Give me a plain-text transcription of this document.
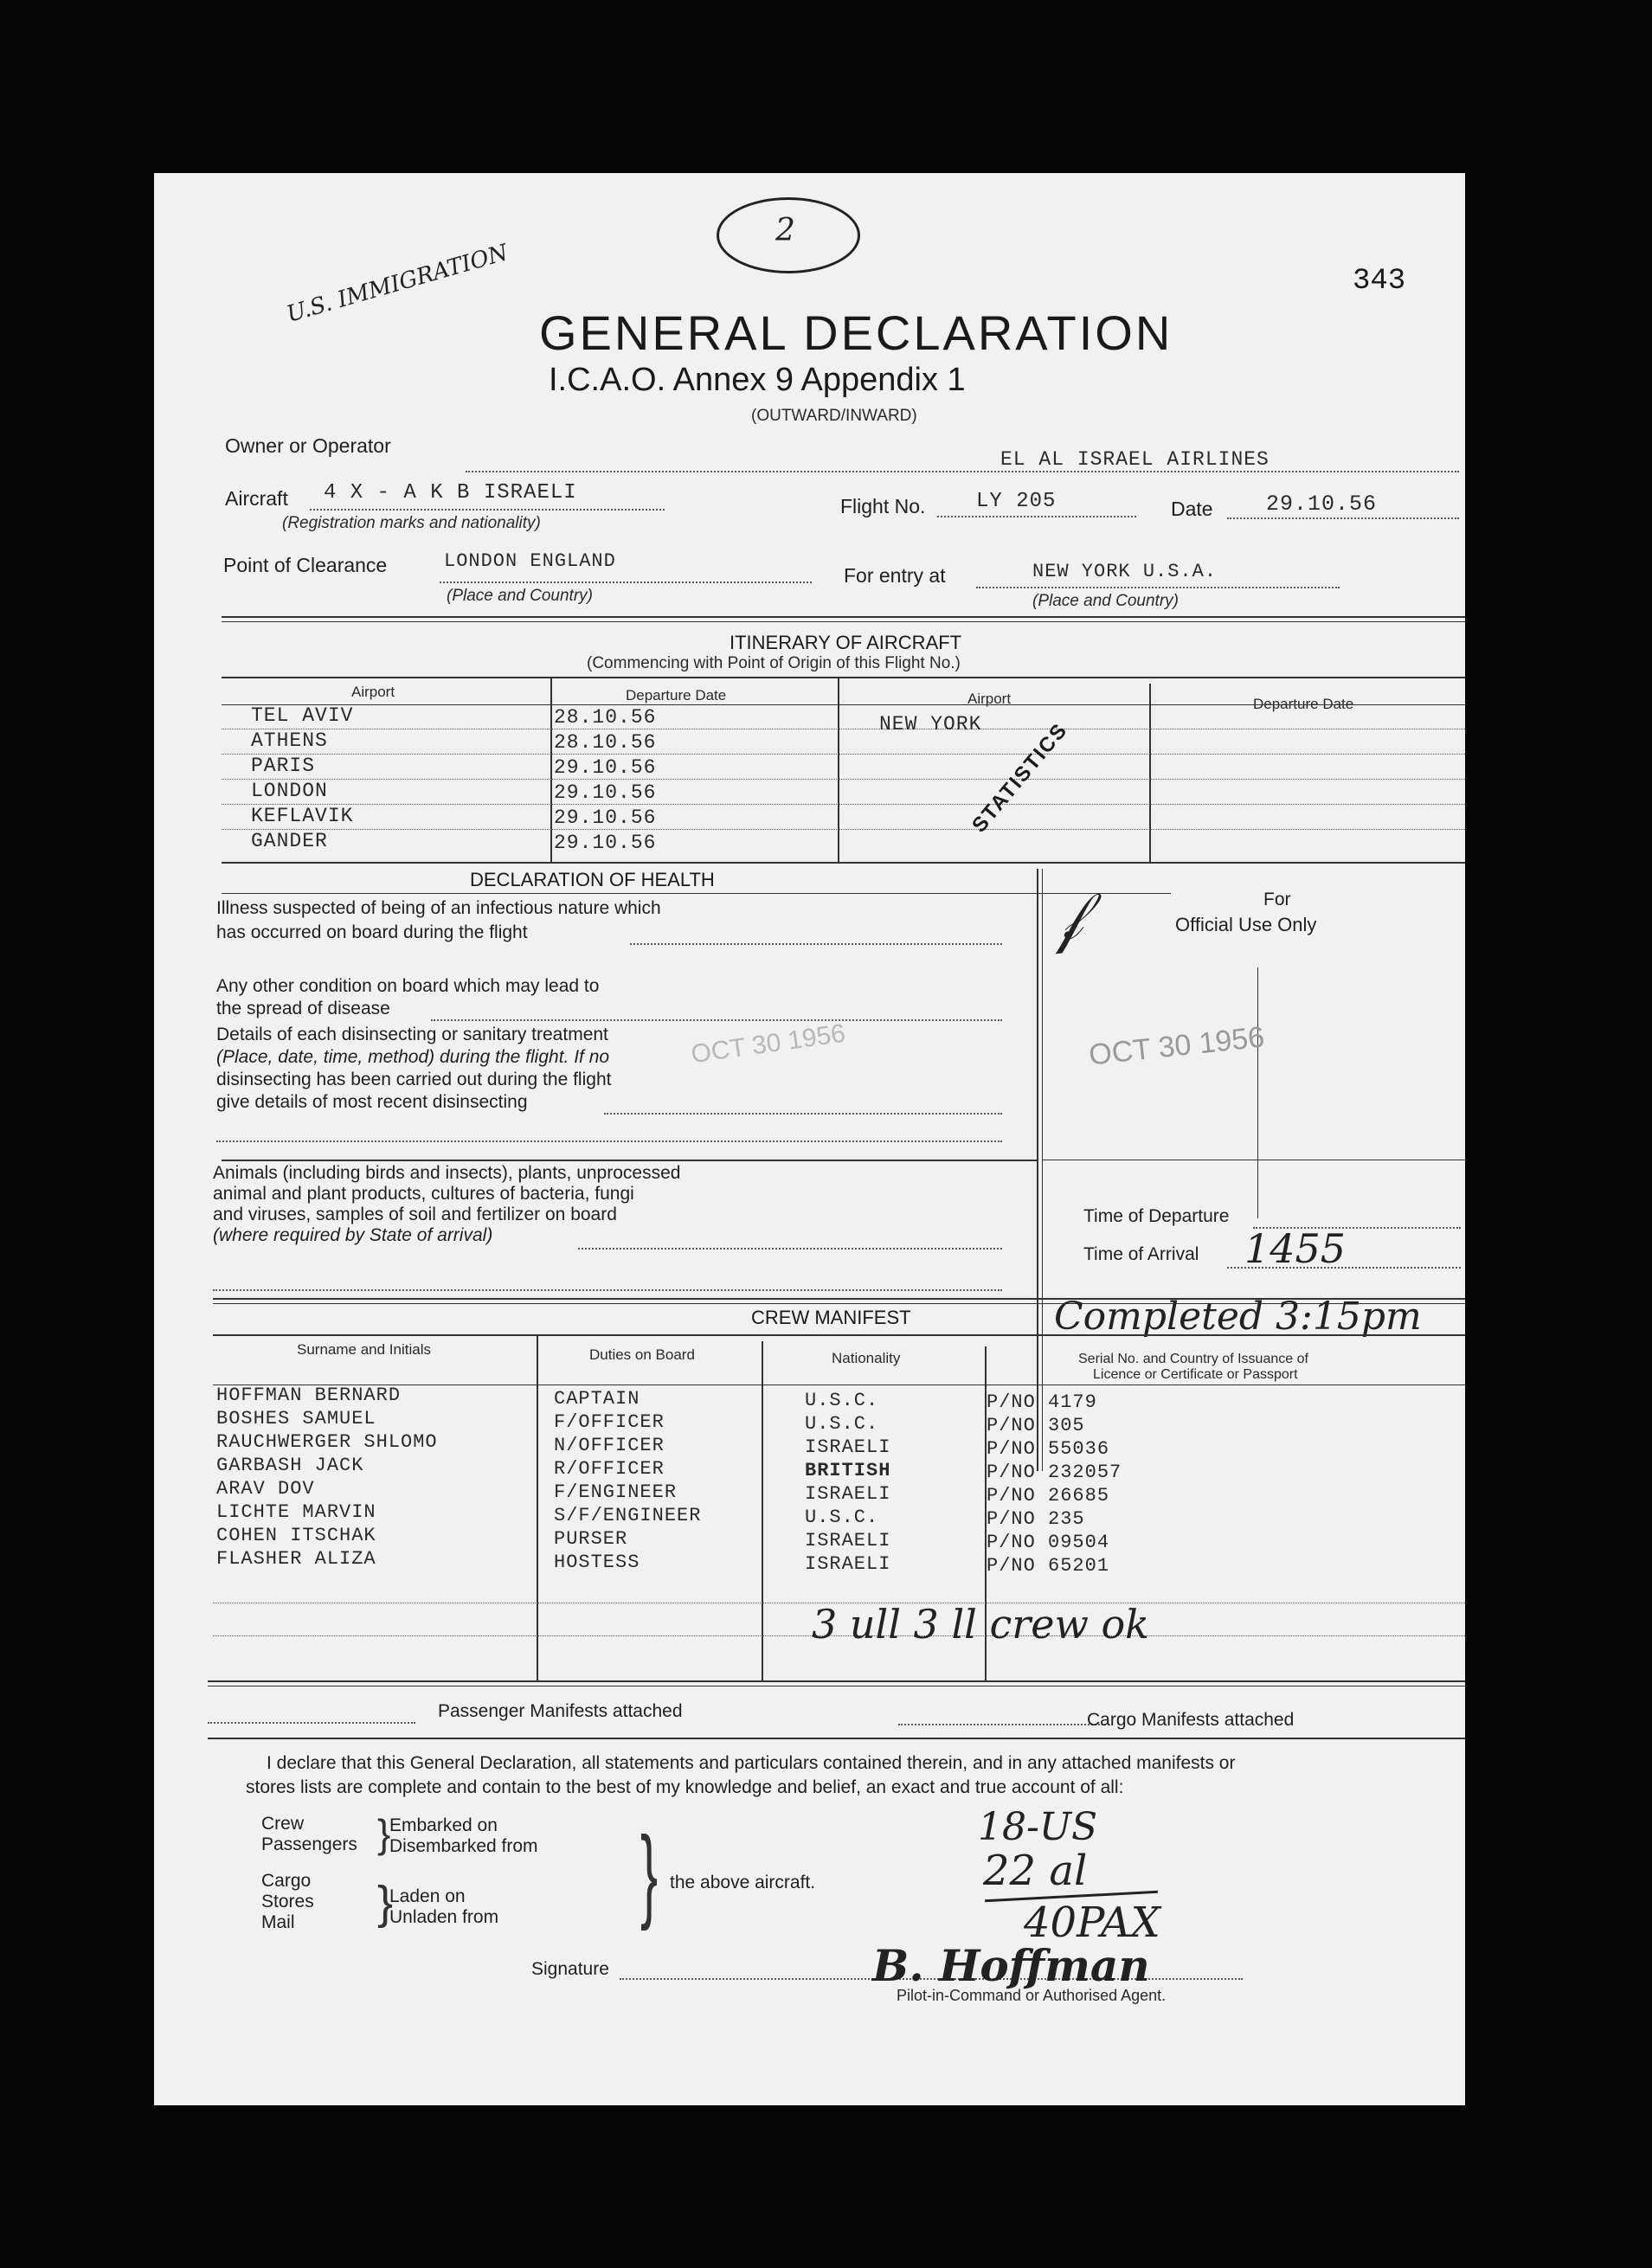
343
U.S. IMMIGRATION
2
GENERAL DECLARATION
I.C.A.O. Annex 9 Appendix 1
(OUTWARD/INWARD)
Owner or Operator
EL AL ISRAEL AIRLINES
Aircraft 4 X - A K B ISRAELI
(Registration marks and nationality)
Flight No. LY 205	Date 29.10.56
Point of Clearance	LONDON ENGLAND
(Place and Country)
For entry at	NEW YORK U.S.A.
(Place and Country)
ITINERARY OF AIRCRAFT
(Commencing with Point of Origin of this Flight No.)
Airport	Departure Date	Airport	Departure Date
TEL AVIV	28.10.56
ATHENS	28.10.56
PARIS	29.10.56
LONDON	29.10.56
KEFLAVIK	29.10.56
GANDER	29.10.56
NEW YORK
STATISTICS
DECLARATION OF HEALTH
Illness suspected of being of an infectious nature which
has occurred on board during the flight
Any other condition on board which may lead to
the spread of disease
Details of each disinsecting or sanitary treatment
(Place, date, time, method) during the flight. If no
disinsecting has been carried out during the flight
give details of most recent disinsecting
OCT 30 1956
Animals (including birds and insects), plants, unprocessed
animal and plant products, cultures of bacteria, fungi
and viruses, samples of soil and fertilizer on board
(where required by State of arrival)
𝒻	For
Official Use Only
OCT 30 1956
Time of Departure
Time of Arrival 1455
CREW MANIFEST	Completed 3:15pm
Surname and Initials	Duties on Board	Nationality	Serial No. and Country of Issuance of
Licence or Certificate or Passport
HOFFMAN BERNARD	CAPTAIN	U.S.C.	P/NO 4179
BOSHES SAMUEL	F/OFFICER	U.S.C.	P/NO 305
RAUCHWERGER SHLOMO	N/OFFICER	ISRAELI	P/NO 55036
GARBASH JACK	R/OFFICER	BRITISH	P/NO 232057
ARAV DOV	F/ENGINEER	ISRAELI	P/NO 26685
LICHTE MARVIN	S/F/ENGINEER	U.S.C.	P/NO 235
COHEN ITSCHAK	PURSER	ISRAELI	P/NO 09504
FLASHER ALIZA	HOSTESS	ISRAELI	P/NO 65201
3 ull 3 ll crew ok
Passenger Manifests attached	Cargo Manifests attached
I declare that this General Declaration, all statements and particulars contained therein, and in any attached manifests or
stores lists are complete and contain to the best of my knowledge and belief, an exact and true account of all:
Crew
Passengers
Embarked on
Disembarked from
}
Cargo
Stores
Mail
Laden on
Unladen from
} } the above aircraft.
18-US
22 al
40PAX
Signature	B. Hoffman
Pilot-in-Command or Authorised Agent.
